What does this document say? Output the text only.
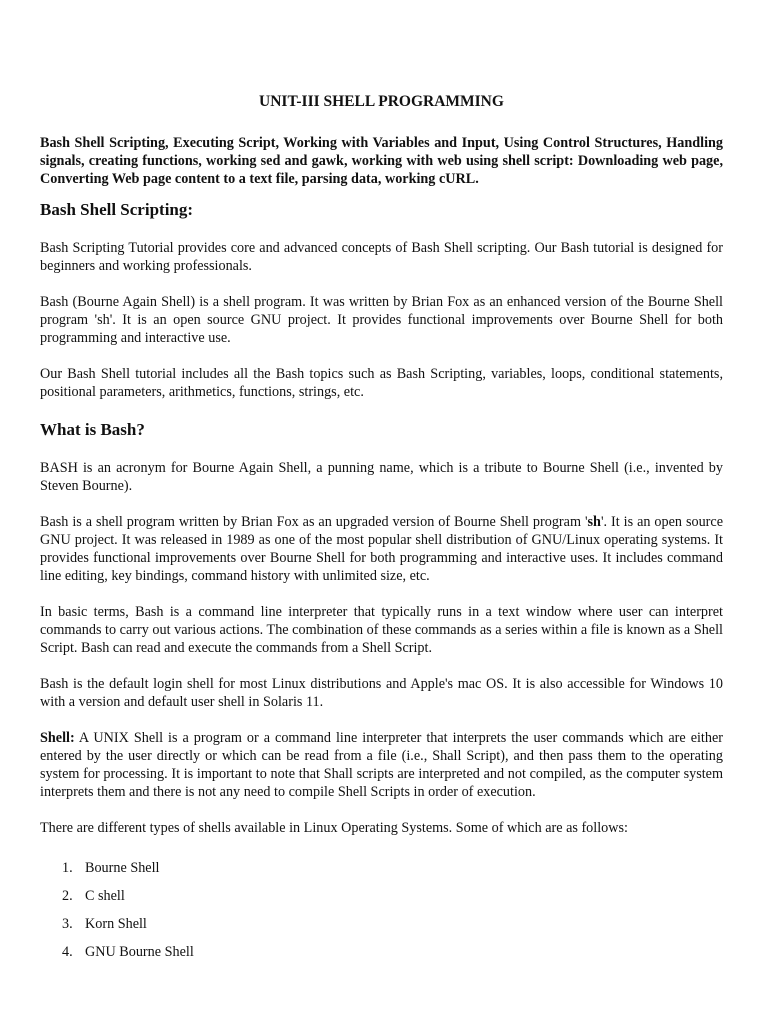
UNIT-III SHELL PROGRAMMING
Bash Shell Scripting, Executing Script, Working with Variables and Input, Using Control Structures, Handling signals, creating functions, working sed and gawk, working with web using shell script: Downloading web page, Converting Web page content to a text file, parsing data, working cURL.
Bash Shell Scripting:

Bash Scripting Tutorial provides core and advanced concepts of Bash Shell scripting. Our Bash tutorial is designed for beginners and working professionals.

Bash (Bourne Again Shell) is a shell program. It was written by Brian Fox as an enhanced version of the Bourne Shell program 'sh'. It is an open source GNU project. It provides functional improvements over Bourne Shell for both programming and interactive use.

Our Bash Shell tutorial includes all the Bash topics such as Bash Scripting, variables, loops, conditional statements, positional parameters, arithmetics, functions, strings, etc.

What is Bash?

BASH is an acronym for Bourne Again Shell, a punning name, which is a tribute to Bourne Shell (i.e., invented by Steven Bourne).

Bash is a shell program written by Brian Fox as an upgraded version of Bourne Shell program 'sh'. It is an open source GNU project. It was released in 1989 as one of the most popular shell distribution of GNU/Linux operating systems. It provides functional improvements over Bourne Shell for both programming and interactive uses. It includes command line editing, key bindings, command history with unlimited size, etc.

In basic terms, Bash is a command line interpreter that typically runs in a text window where user can interpret commands to carry out various actions. The combination of these commands as a series within a file is known as a Shell Script. Bash can read and execute the commands from a Shell Script.

Bash is the default login shell for most Linux distributions and Apple's mac OS. It is also accessible for Windows 10 with a version and default user shell in Solaris 11.

Shell: A UNIX Shell is a program or a command line interpreter that interprets the user commands which are either entered by the user directly or which can be read from a file (i.e., Shall Script), and then pass them to the operating system for processing. It is important to note that Shall scripts are interpreted and not compiled, as the computer system interprets them and there is not any need to compile Shell Scripts in order of execution.

There are different types of shells available in Linux Operating Systems. Some of which are as follows:

1. Bourne Shell
2. C shell
3. Korn Shell
4. GNU Bourne Shell
